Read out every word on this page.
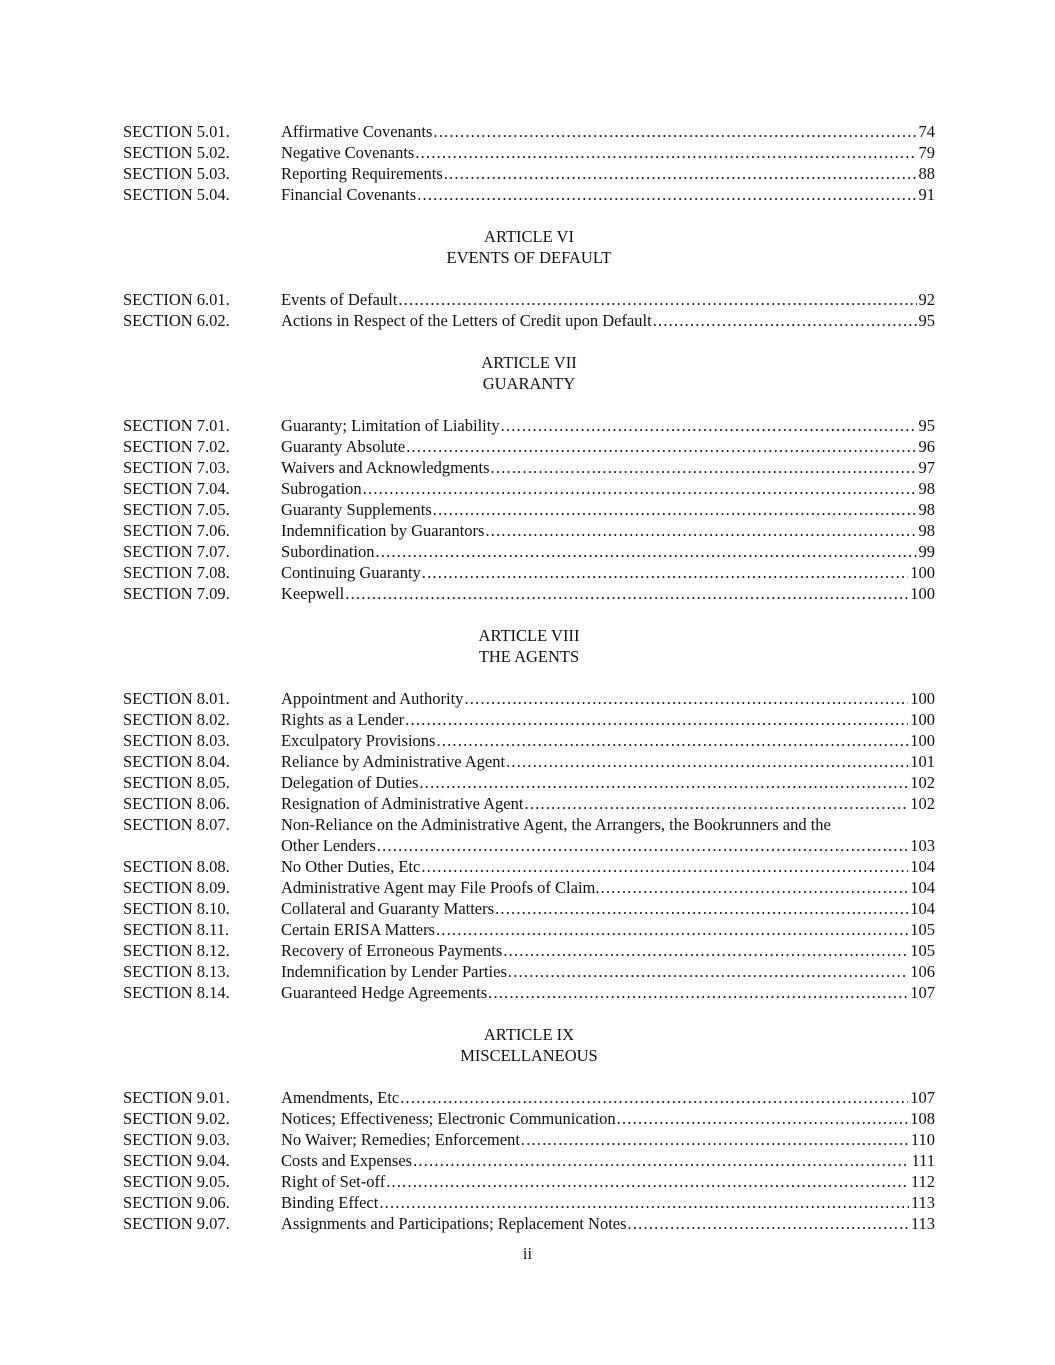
SECTION 5.01.	Affirmative Covenants .....	74
SECTION 5.02.	Negative Covenants .....	79
SECTION 5.03.	Reporting Requirements .....	88
SECTION 5.04.	Financial Covenants .....	91
ARTICLE VI
EVENTS OF DEFAULT
SECTION 6.01.	Events of Default .....	92
SECTION 6.02.	Actions in Respect of the Letters of Credit upon Default .....	95
ARTICLE VII
GUARANTY
SECTION 7.01.	Guaranty; Limitation of Liability .....	95
SECTION 7.02.	Guaranty Absolute .....	96
SECTION 7.03.	Waivers and Acknowledgments .....	97
SECTION 7.04.	Subrogation .....	98
SECTION 7.05.	Guaranty Supplements .....	98
SECTION 7.06.	Indemnification by Guarantors .....	98
SECTION 7.07.	Subordination .....	99
SECTION 7.08.	Continuing Guaranty .....	100
SECTION 7.09.	Keepwell .....	100
ARTICLE VIII
THE AGENTS
SECTION 8.01.	Appointment and Authority .....	100
SECTION 8.02.	Rights as a Lender .....	100
SECTION 8.03.	Exculpatory Provisions .....	100
SECTION 8.04.	Reliance by Administrative Agent .....	101
SECTION 8.05.	Delegation of Duties .....	102
SECTION 8.06.	Resignation of Administrative Agent .....	102
SECTION 8.07.	Non-Reliance on the Administrative Agent, the Arrangers, the Bookrunners and the
Other Lenders .....	103
SECTION 8.08.	No Other Duties, Etc .....	104
SECTION 8.09.	Administrative Agent may File Proofs of Claim. .....	104
SECTION 8.10.	Collateral and Guaranty Matters .....	104
SECTION 8.11.	Certain ERISA Matters .....	105
SECTION 8.12.	Recovery of Erroneous Payments .....	105
SECTION 8.13.	Indemnification by Lender Parties .....	106
SECTION 8.14.	Guaranteed Hedge Agreements .....	107
ARTICLE IX
MISCELLANEOUS
SECTION 9.01.	Amendments, Etc .....	107
SECTION 9.02.	Notices; Effectiveness; Electronic Communication .....	108
SECTION 9.03.	No Waiver; Remedies; Enforcement .....	110
SECTION 9.04.	Costs and Expenses .....	111
SECTION 9.05.	Right of Set-off .....	112
SECTION 9.06.	Binding Effect .....	113
SECTION 9.07.	Assignments and Participations; Replacement Notes .....	113
ii
